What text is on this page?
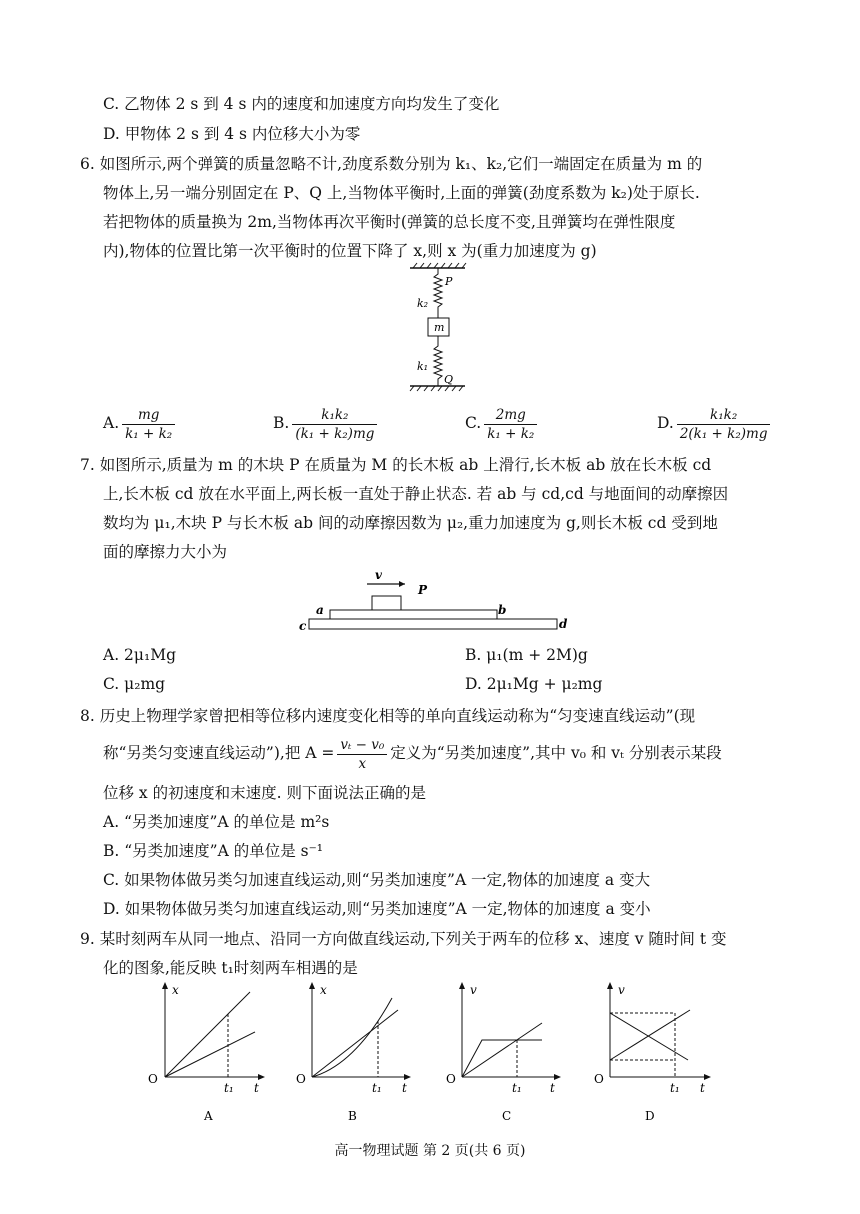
C. 乙物体 2 s 到 4 s 内的速度和加速度方向均发生了变化
D. 甲物体 2 s 到 4 s 内位移大小为零
6. 如图所示,两个弹簧的质量忽略不计,劲度系数分别为 k₁、k₂,它们一端固定在质量为 m 的
物体上,另一端分别固定在 P、Q 上,当物体平衡时,上面的弹簧(劲度系数为 k₂)处于原长.
若把物体的质量换为 2m,当物体再次平衡时(弹簧的总长度不变,且弹簧均在弹性限度
内),物体的位置比第一次平衡时的位置下降了 x,则 x 为(重力加速度为 g)
P
k₂
m
k₁
Q
A. $\frac{mg}{\text{k₁ + k₂}}$	B. $\frac{\text{k₁k₂}}{\text{(k₁ + k₂)mg}}$	C. $\frac{2mg}{\text{k₁ + k₂}}$	D. $\frac{\text{k₁k₂}}{\text{2(k₁ + k₂)mg}}$
7. 如图所示,质量为 m 的木块 P 在质量为 M 的长木板 ab 上滑行,长木板 ab 放在长木板 cd
上,长木板 cd 放在水平面上,两长板一直处于静止状态. 若 ab 与 cd,cd 与地面间的动摩擦因
数均为 μ₁,木块 P 与长木板 ab 间的动摩擦因数为 μ₂,重力加速度为 g,则长木板 cd 受到地
面的摩擦力大小为
v
P
a	b
c	d
A. 2μ₁Mg	B. μ₁(m + 2M)g
C. μ₂mg	D. 2μ₁Mg + μ₂mg
8. 历史上物理学家曾把相等位移内速度变化相等的单向直线运动称为“匀变速直线运动”(现
称“另类匀变速直线运动”),把 $A = \frac{\text{vₜ − v₀}}{x}$ 定义为“另类加速度”,其中 v₀ 和 vₜ 分别表示某段
位移 x 的初速度和末速度. 则下面说法正确的是
A. “另类加速度”A 的单位是 m²s
B. “另类加速度”A 的单位是 s⁻¹
C. 如果物体做另类匀加速直线运动,则“另类加速度”A 一定,物体的加速度 a 变大
D. 如果物体做另类匀加速直线运动,则“另类加速度”A 一定,物体的加速度 a 变小
9. 某时刻两车从同一地点、沿同一方向做直线运动,下列关于两车的位移 x、速度 v 随时间 t 变
化的图象,能反映 t₁时刻两车相遇的是
x
O
t₁ t
A
x
O
t₁ t
B
v
O
t₁ t
C
v
O
t₁ t
D
高一物理试题 第 2 页(共 6 页)
